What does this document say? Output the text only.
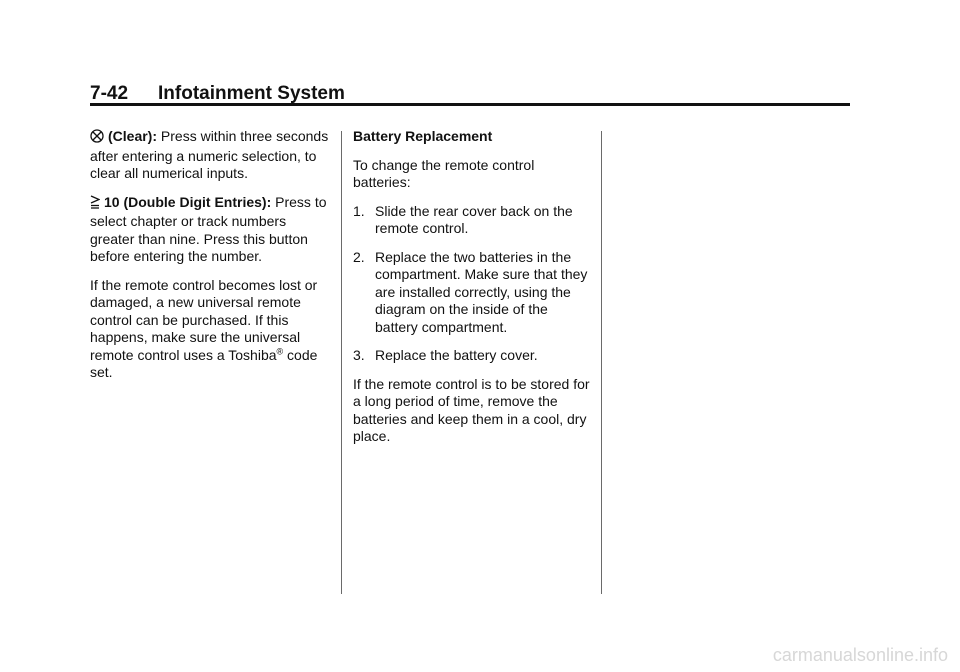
7-42 Infotainment System

(Clear): Press within three seconds after entering a numeric selection, to clear all numerical inputs.

10 (Double Digit Entries): Press to select chapter or track numbers greater than nine. Press this button before entering the number.

If the remote control becomes lost or damaged, a new universal remote control can be purchased. If this happens, make sure the universal remote control uses a Toshiba® code set.

Battery Replacement

To change the remote control batteries:

1. Slide the rear cover back on the remote control.
2. Replace the two batteries in the compartment. Make sure that they are installed correctly, using the diagram on the inside of the battery compartment.
3. Replace the battery cover.

If the remote control is to be stored for a long period of time, remove the batteries and keep them in a cool, dry place.

carmanualsonline.info
